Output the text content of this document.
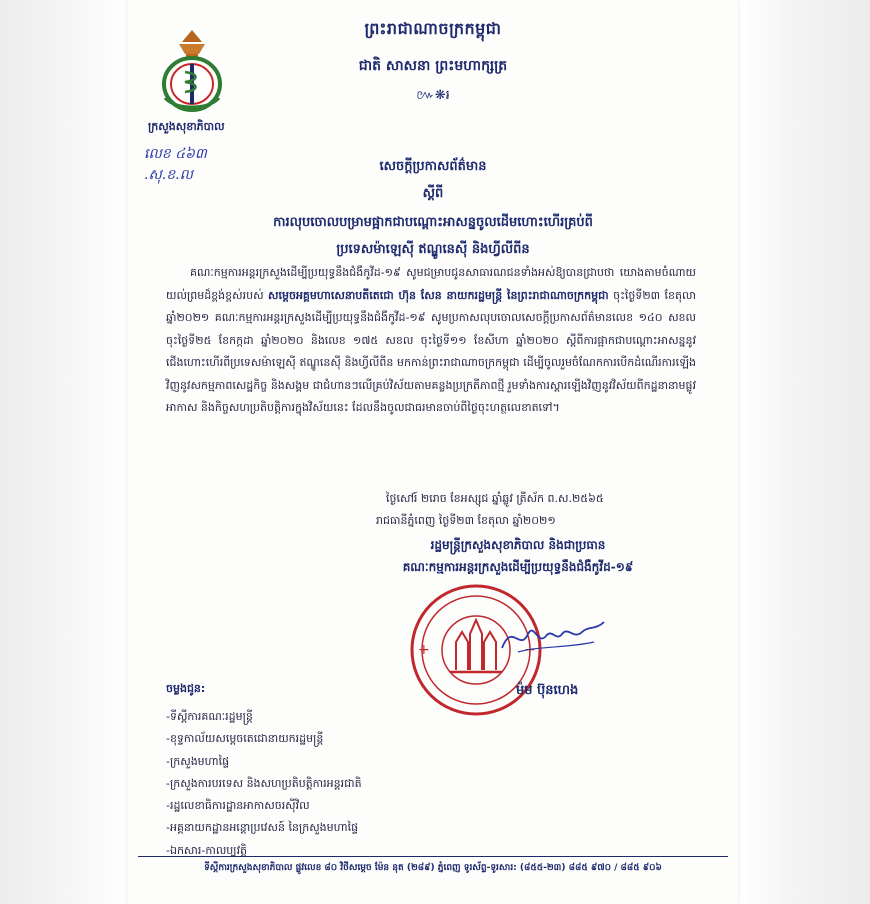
ព្រះរាជាណាចក្រកម្ពុជា
ជាតិ សាសនា ព្រះមហាក្សត្រ
៚❋៛
ក្រសួងសុខាភិបាល
លេខ ៤៦៣ .សុ.ខ.ល
សេចក្តីប្រកាសព័ត៌មាន
ស្តីពី
ការលុបចោលបម្រាមផ្អាកជាបណ្តោះអាសន្នចូលដើមហោះហើរគ្រប់ពី
ប្រទេសម៉ាឡេស៊ី ឥណ្ឌូនេស៊ី និងហ្វីលីពីន
គណៈកម្មការអន្តរក្រសួងដើម្បីប្រយុទ្ធនឹងជំងឺកូវីដ-១៩ សូមជម្រាបជូនសាធារណជនទាំងអស់ឱ្យបានជ្រាបថា យោងតាមចំណាយយល់ព្រមដ៏ខ្ពង់ខ្ពស់របស់ សម្តេចអគ្គមហាសេនាបតីតេជោ ហ៊ុន សែន នាយករដ្ឋមន្ត្រី នៃព្រះរាជាណាចក្រកម្ពុជា ចុះថ្ងៃទី២៣ ខែតុលា ឆ្នាំ២០២១ គណៈកម្មការអន្តរក្រសួងដើម្បីប្រយុទ្ធនឹងជំងឺកូវីដ-១៩ សូមប្រកាសលុបចោលសេចក្តីប្រកាសព័ត៌មានលេខ ១៤០ សខល ចុះថ្ងៃទី២៥ ខែកក្កដា ឆ្នាំ២០២០ និងលេខ ១៧៥ សខល ចុះថ្ងៃទី១១ ខែសីហា ឆ្នាំ២០២០ ស្តីពីការផ្អាកជាបណ្តោះអាសន្ននូវជើងហោះហើរពីប្រទេសម៉ាឡេស៊ី ឥណ្ឌូនេស៊ី និងហ្វីលីពីន មកកាន់ព្រះរាជាណាចក្រកម្ពុជា ដើម្បីចូលរួមចំណែកការបើកដំណើរការឡើងវិញនូវសកម្មភាពសេដ្ឋកិច្ច និងសង្គម ជាជំហានៗលើគ្រប់វិស័យតាមគន្លងប្រក្រតីភាពថ្មី រួមទាំងការស្តារឡើងវិញនូវវិស័យពីកដ្ឋនានាមផ្លូវអាកាស និងកិច្ចសហប្រតិបត្តិការក្នុងវិស័យនេះ ដែលនឹងចូលជាធរមានចាប់ពីថ្ងៃចុះហត្ថលេខាតទៅ។
ថ្ងៃសៅរ៍ ២រោច ខែអស្សុជ ឆ្នាំឆ្លូវ ត្រីស័ក ព.ស.២៥៦៥
រាជធានីភ្នំពេញ ថ្ងៃទី២៣ ខែតុលា ឆ្នាំ២០២១
រដ្ឋមន្ត្រីក្រសួងសុខាភិបាល និងជាប្រធាន
គណៈកម្មការអន្តរក្រសួងដើម្បីប្រយុទ្ធនឹងជំងឺកូវីដ-១៩
+	+
ម៉ម ប៊ុនហេង
ចម្លងជូន:
-ទីស្តីការគណៈរដ្ឋមន្ត្រី
-ខុទ្ទកាល័យសម្តេចតេជោនាយករដ្ឋមន្ត្រី
-ក្រសួងមហាផ្ទៃ
-ក្រសួងការបរទេស និងសហប្រតិបត្តិការអន្តរជាតិ
-រដ្ឋលេខាធិការដ្ឋានអាកាសចរស៊ីវិល
-អគ្គនាយកដ្ឋានអន្តោប្រវេសន៍ នៃក្រសួងមហាផ្ទៃ
-ឯកសារ-កាលប្បវត្តិ
ទីស្តីការក្រសួងសុខាភិបាល ផ្លូវលេខ ៨០ វិថីសម្តេច ម៉ែន នុត (២៨៩) ភ្នំពេញ ទូរស័ព្ទ-ទូរសារ: (៨៥៥-២៣) ៨៨៥ ៩៧០ / ៨៨៥ ៩០៦
